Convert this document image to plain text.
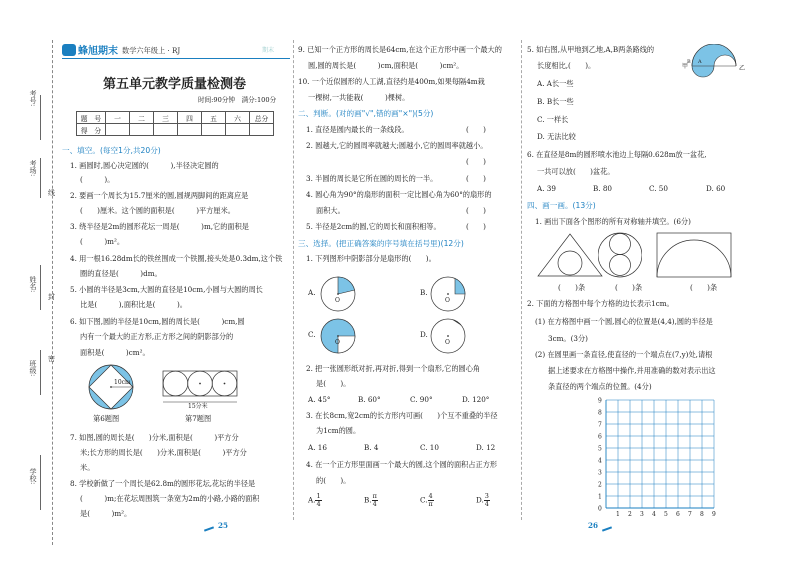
蜂旭期末 数学六年级上 · RJ	期末
第五单元教学质量检测卷
时间:90分钟　满分:100分
题　号	一	二	三	四	五	六	总分
得　分							
考号:
考场:
线
姓名:
封
班级:
密
学校:
一、填空。(每空1分,共20分)
1. 画圆时,圆心决定圆的(　　　),半径决定圆的
(　　　)。
2. 要画一个周长为15.7厘米的圆,圆规两脚间的距离应是
(　　)厘米。这个圆的面积是(　　　)平方厘米。
3. 绕半径是2m的圆形花坛一周是(　　　)m,它的面积是
(　　　)m²。
4. 用一根16.28dm长的铁丝围成一个铁圈,接头处是0.3dm,这个铁
圈的直径是(　　　)dm。
5. 小圆的半径是3cm,大圆的直径是10cm,小圆与大圆的周长
比是(　　　),面积比是(　　　)。
6. 如下图,圆的半径是10cm,圆的周长是(　　　)cm,圆
内有一个最大的正方形,正方形之间的阴影部分的
面积是(　　　)cm²。
10cm
第6题图
15分米
第7题图
7. 如图,圆的周长是(　　)分米,面积是(　　　)平方分
米;长方形的周长是(　　)分米,面积是(　　　)平方分
米。
8. 学校新做了一个周长是62.8m的圆形花坛,花坛的半径是
(　　　)m;在花坛周围筑一条宽为2m的小路,小路的面积
是(　　　)m²。
25
9. 已知一个正方形的周长是64cm,在这个正方形中画一个最大的
圆,圆的周长是(　　　)cm,面积是(　　　)cm²。
10. 一个近似圆形的人工湖,直径约是400m,如果每隔4m栽
一棵树,一共能栽(　　　)棵树。
二、判断。(对的画"√",错的画"×")(5分)
1. 直径是圆内最长的一条线段。	(　　)
2. 圆越大,它的圆周率就越大;圆越小,它的圆周率就越小。
(　　)
3. 半圆的周长是它所在圆的周长的一半。	(　　)
4. 圆心角为90°的扇形的面积一定比圆心角为60°的扇形的
面积大。	(　　)
5. 半径是2cm的圆,它的周长和面积相等。	(　　)
三、选择。(把正确答案的序号填在括号里)(12分)
1. 下列图形中阴影部分是扇形的(　　)。
A.
O
B.
O
C.
O
D.
O
2. 把一张圆形纸对折,再对折,得到一个扇形,它的圆心角
是(　　)。
A. 45°	B. 60°	C. 90°	D. 120°
3. 在长8cm,宽2cm的长方形内可画(　　)个互不重叠的半径
为1cm的圆。
A. 16	B. 4	C. 10	D. 12
4. 在一个正方形里面画一个最大的圆,这个圆的面积占正方形
的(　　)。
A. $\frac{1}{4}$	B. $\frac{\pi}{4}$	C. $\frac{4}{\pi}$	D. $\frac{3}{4}$
5. 如右图,从甲地到乙地,A,B两条路线的
长度相比,(　　)。	甲
B A
乙
A. A长一些
B. B长一些
C. 一样长
D. 无法比较
6. 在直径是8m的圆形喷水池边上每隔0.628m放一盆花,
一共可以放(　　)盆花。
A. 39	B. 80	C. 50	D. 60
四、画一画。(13分)
1. 画出下面各个图形的所有对称轴并填空。(6分)
(　　)条	(　　)条	(　　)条
2. 下面的方格图中每个方格的边长表示1cm。
(1) 在方格图中画一个圆,圆心的位置是(4,4),圆的半径是
3cm。(3分)
(2) 在圆里画一条直径,使直径的一个端点在(7,y)处,请根
据上述要求在方格图中操作,并用准确的数对表示出这
条直径的两个端点的位置。(4分)
9
8
7
6
5
4
3
2
1
0
1 2 3 4 5 6 7 8 9
26
